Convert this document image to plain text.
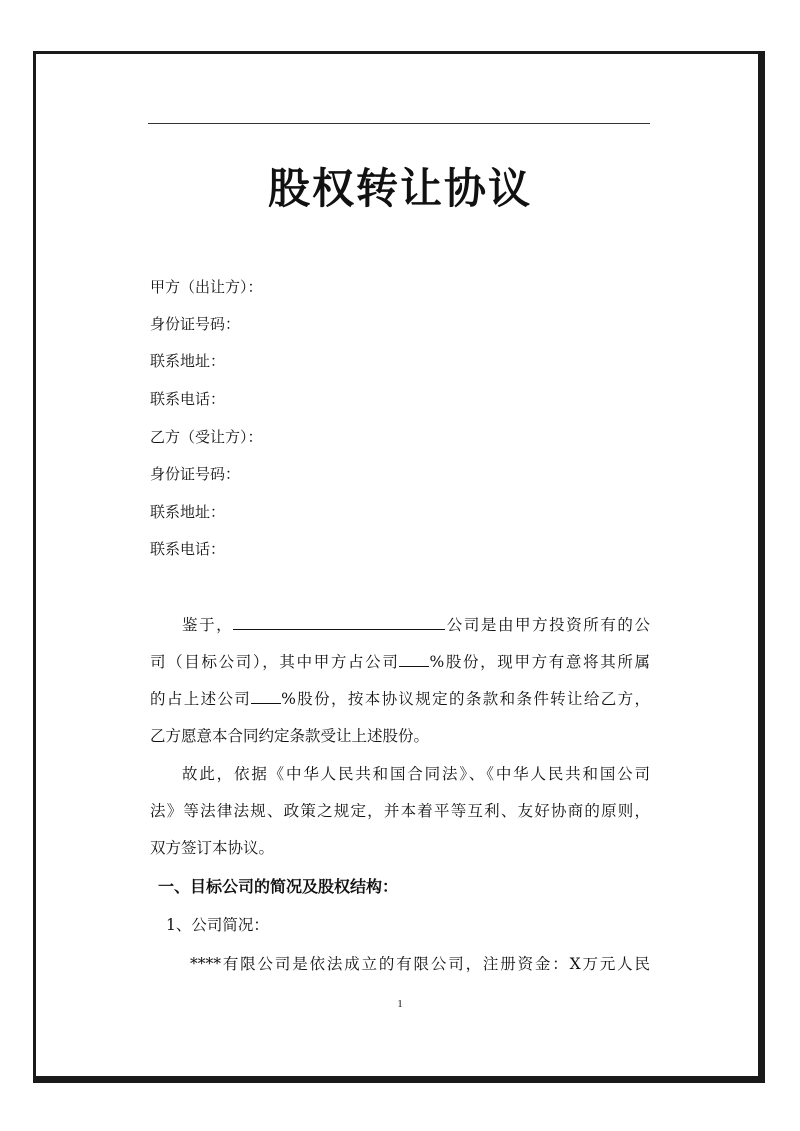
股权转让协议
甲方（出让方）：
身份证号码：
联系地址：
联系电话：
乙方（受让方）：
身份证号码：
联系地址：
联系电话：
鉴于，	公司是由甲方投资所有的公
司（目标公司），其中甲方占公司 %股份，现甲方有意将其所属
的占上述公司 %股份，按本协议规定的条款和条件转让给乙方，
乙方愿意本合同约定条款受让上述股份。
故此，依据《中华人民共和国合同法》、《中华人民共和国公司
法》等法律法规、政策之规定，并本着平等互利、友好协商的原则，
双方签订本协议。
一、目标公司的简况及股权结构：
1、公司简况：
****有限公司是依法成立的有限公司，注册资金：X万元人民
1
